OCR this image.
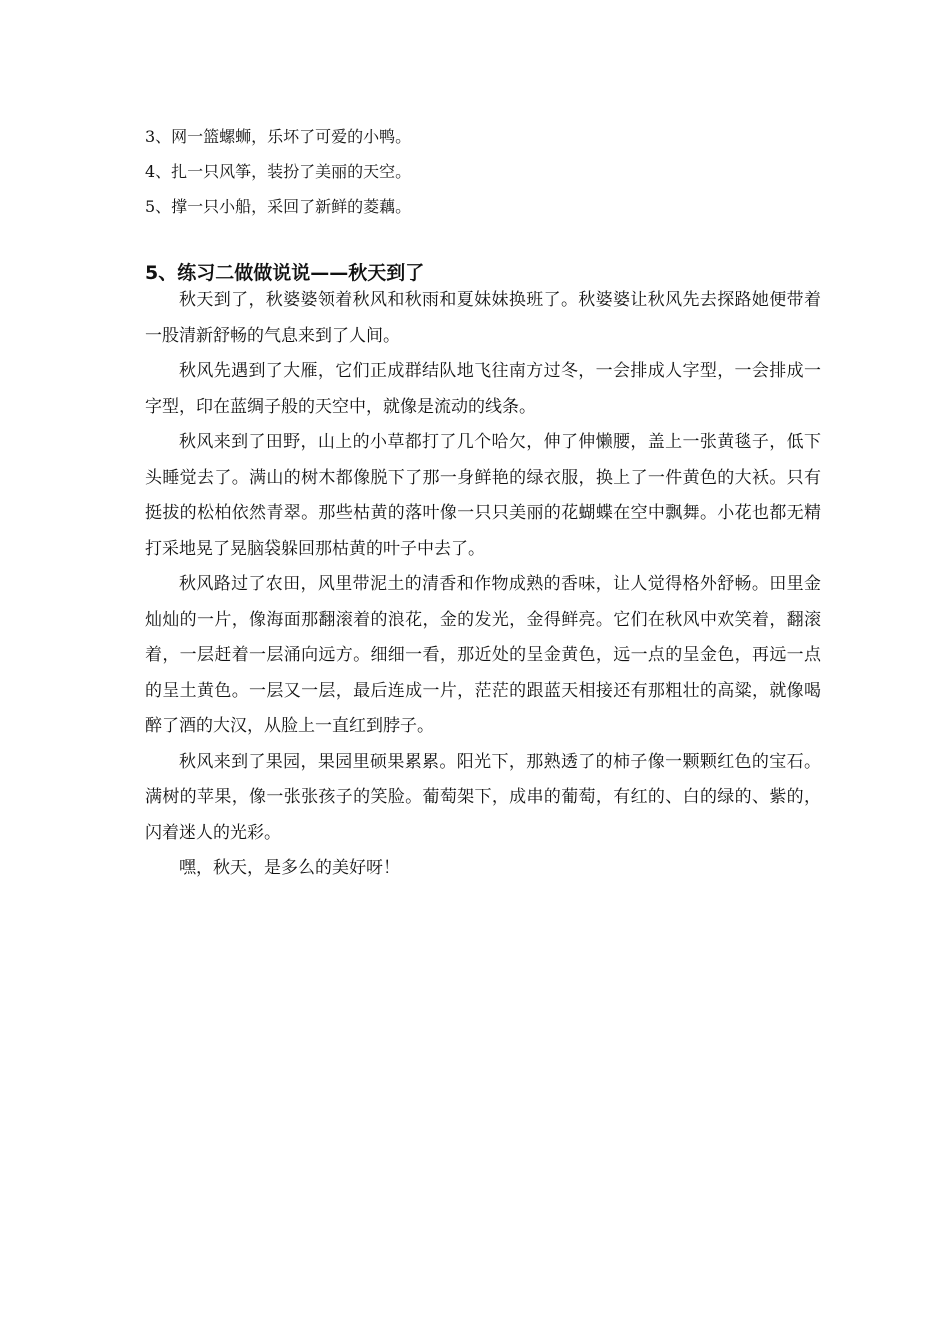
3、网一篮螺蛳，乐坏了可爱的小鸭。
4、扎一只风筝，装扮了美丽的天空。
5、撑一只小船，采回了新鲜的菱藕。
5、练习二做做说说——秋天到了

秋天到了，秋婆婆领着秋风和秋雨和夏妹妹换班了。秋婆婆让秋风先去探路她便带着一股清新舒畅的气息来到了人间。

秋风先遇到了大雁，它们正成群结队地飞往南方过冬，一会排成人字型，一会排成一字型，印在蓝绸子般的天空中，就像是流动的线条。

秋风来到了田野，山上的小草都打了几个哈欠，伸了伸懒腰，盖上一张黄毯子，低下头睡觉去了。满山的树木都像脱下了那一身鲜艳的绿衣服，换上了一件黄色的大袄。只有挺拔的松柏依然青翠。那些枯黄的落叶像一只只美丽的花蝴蝶在空中飘舞。小花也都无精打采地晃了晃脑袋躲回那枯黄的叶子中去了。

秋风路过了农田，风里带泥土的清香和作物成熟的香味，让人觉得格外舒畅。田里金灿灿的一片，像海面那翻滚着的浪花，金的发光，金得鲜亮。它们在秋风中欢笑着，翻滚着，一层赶着一层涌向远方。细细一看，那近处的呈金黄色，远一点的呈金色，再远一点的呈土黄色。一层又一层，最后连成一片，茫茫的跟蓝天相接还有那粗壮的高粱，就像喝醉了酒的大汉，从脸上一直红到脖子。

秋风来到了果园，果园里硕果累累。阳光下，那熟透了的柿子像一颗颗红色的宝石。满树的苹果，像一张张孩子的笑脸。葡萄架下，成串的葡萄，有红的、白的绿的、紫的，闪着迷人的光彩。

嘿，秋天，是多么的美好呀！
